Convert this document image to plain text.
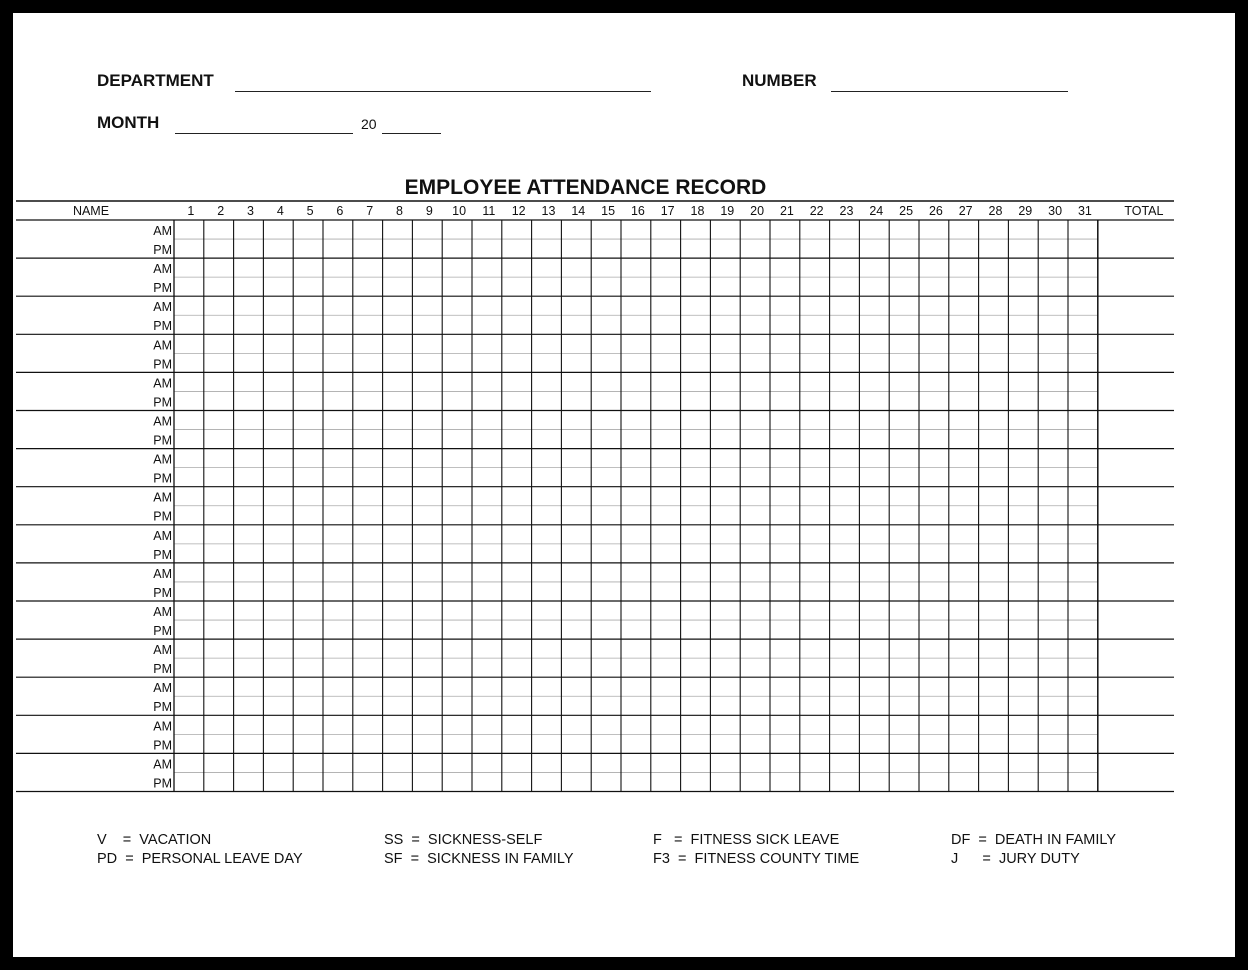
DEPARTMENT	NUMBER
MONTH	20
EMPLOYEE ATTENDANCE RECORD
NAME	1 2 3 4 5 6 7 8 9 10 11 12 13 14 15 16 17 18 19 20 21 22 23 24 25 26 27 28 29 30 31	TOTAL
AM
PM
AM
PM
AM
PM
AM
PM
AM
PM
AM
PM
AM
PM
AM
PM
AM
PM
AM
PM
AM
PM
AM
PM
AM
PM
AM
PM
AM
PM
V    =  VACATION
PD  =  PERSONAL LEAVE DAY
SS  =  SICKNESS-SELF
SF  =  SICKNESS IN FAMILY
F   =  FITNESS SICK LEAVE
F3  =  FITNESS COUNTY TIME
DF  =  DEATH IN FAMILY
J      =  JURY DUTY
